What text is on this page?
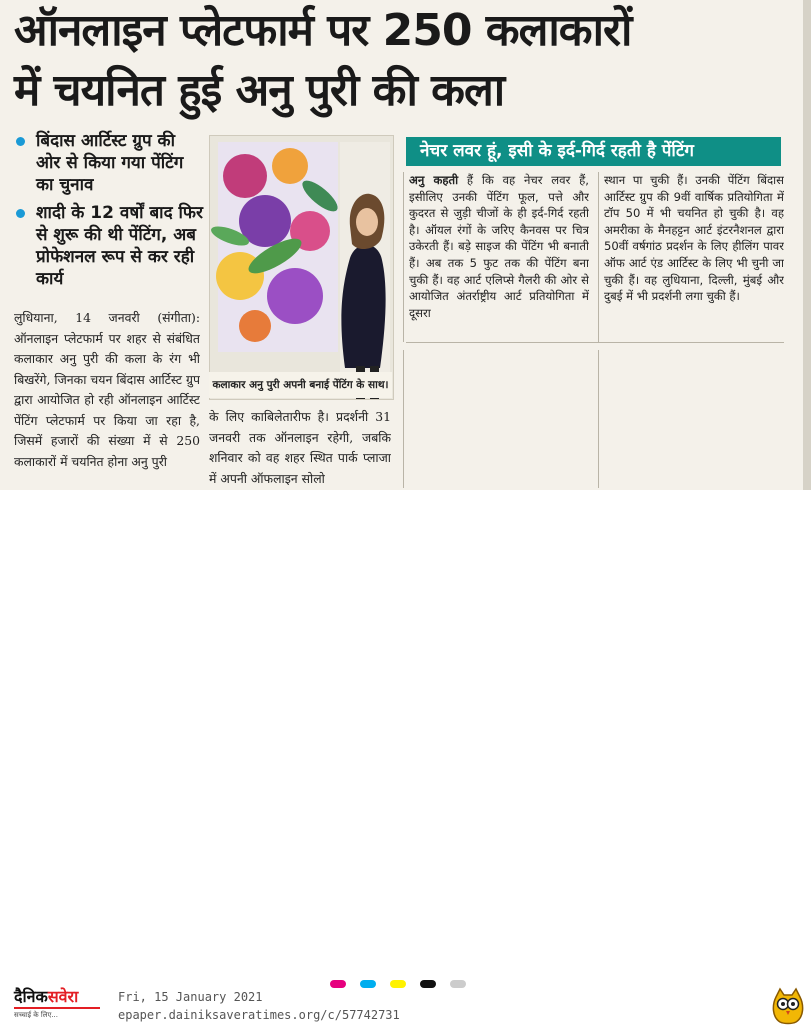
ऑनलाइन प्लेटफार्म पर 250 कलाकारों
में चयनित हुई अनु पुरी की कला
बिंदास आर्टिस्ट ग्रुप की ओर से किया गया पेंटिंग का चुनाव
शादी के 12 वर्षों बाद फिर से शुरू की थी पेंटिंग, अब प्रोफेशनल रूप से कर रही कार्य
लुधियाना, 14 जनवरी (संगीता): ऑनलाइन प्लेटफार्म पर शहर से संबंधित कलाकार अनु पुरी की कला के रंग भी बिखरेंगे, जिनका चयन बिंदास आर्टिस्ट ग्रुप द्वारा आयोजित हो रही ऑनलाइन आर्टिस्ट पेंटिंग प्लेटफार्म पर किया जा रहा है, जिसमें हजारों की संख्या में से 250 कलाकारों में चयनित होना अनु पुरी
कलाकार अनु पुरी अपनी बनाई पेंटिंग के साथ।
के लिए काबिलेतारीफ है। प्रदर्शनी 31 जनवरी तक ऑनलाइन रहेगी, जबकि शनिवार को वह शहर स्थित पार्क प्लाजा में अपनी ऑफलाइन सोलो
नेचर लवर हूं, इसी के इर्द-गिर्द रहती है पेंटिंग
अनु कहती हैं कि वह नेचर लवर हैं, इसीलिए उनकी पेंटिंग फूल, पत्ते और कुदरत से जुड़ी चीजों के ही इर्द-गिर्द रहती है। ऑयल रंगों के जरिए कैनवस पर चित्र उकेरती हैं। बड़े साइज की पेंटिंग भी बनाती हैं। अब तक 5 फुट तक की पेंटिंग बना चुकी हैं। वह आर्ट एलिप्से गैलरी की ओर से आयोजित अंतर्राष्ट्रीय आर्ट प्रतियोगिता में दूसरा
स्थान पा चुकी हैं। उनकी पेंटिंग बिंदास आर्टिस्ट ग्रुप की 9वीं वार्षिक प्रतियोगिता में टॉप 50 में भी चयनित हो चुकी है। वह अमरीका के मैनहट्टन आर्ट इंटरनैशनल द्वारा 50वीं वर्षगांठ प्रदर्शन के लिए हीलिंग पावर ऑफ आर्ट एंड आर्टिस्ट के लिए भी चुनी जा चुकी हैं। वह लुधियाना, दिल्ली, मुंबई और दुबई में भी प्रदर्शनी लगा चुकी हैं।
दैनिकसवेरा
सच्चाई के लिए...
Fri, 15 January 2021
epaper.dainiksaveratimes.org/c/57742731
